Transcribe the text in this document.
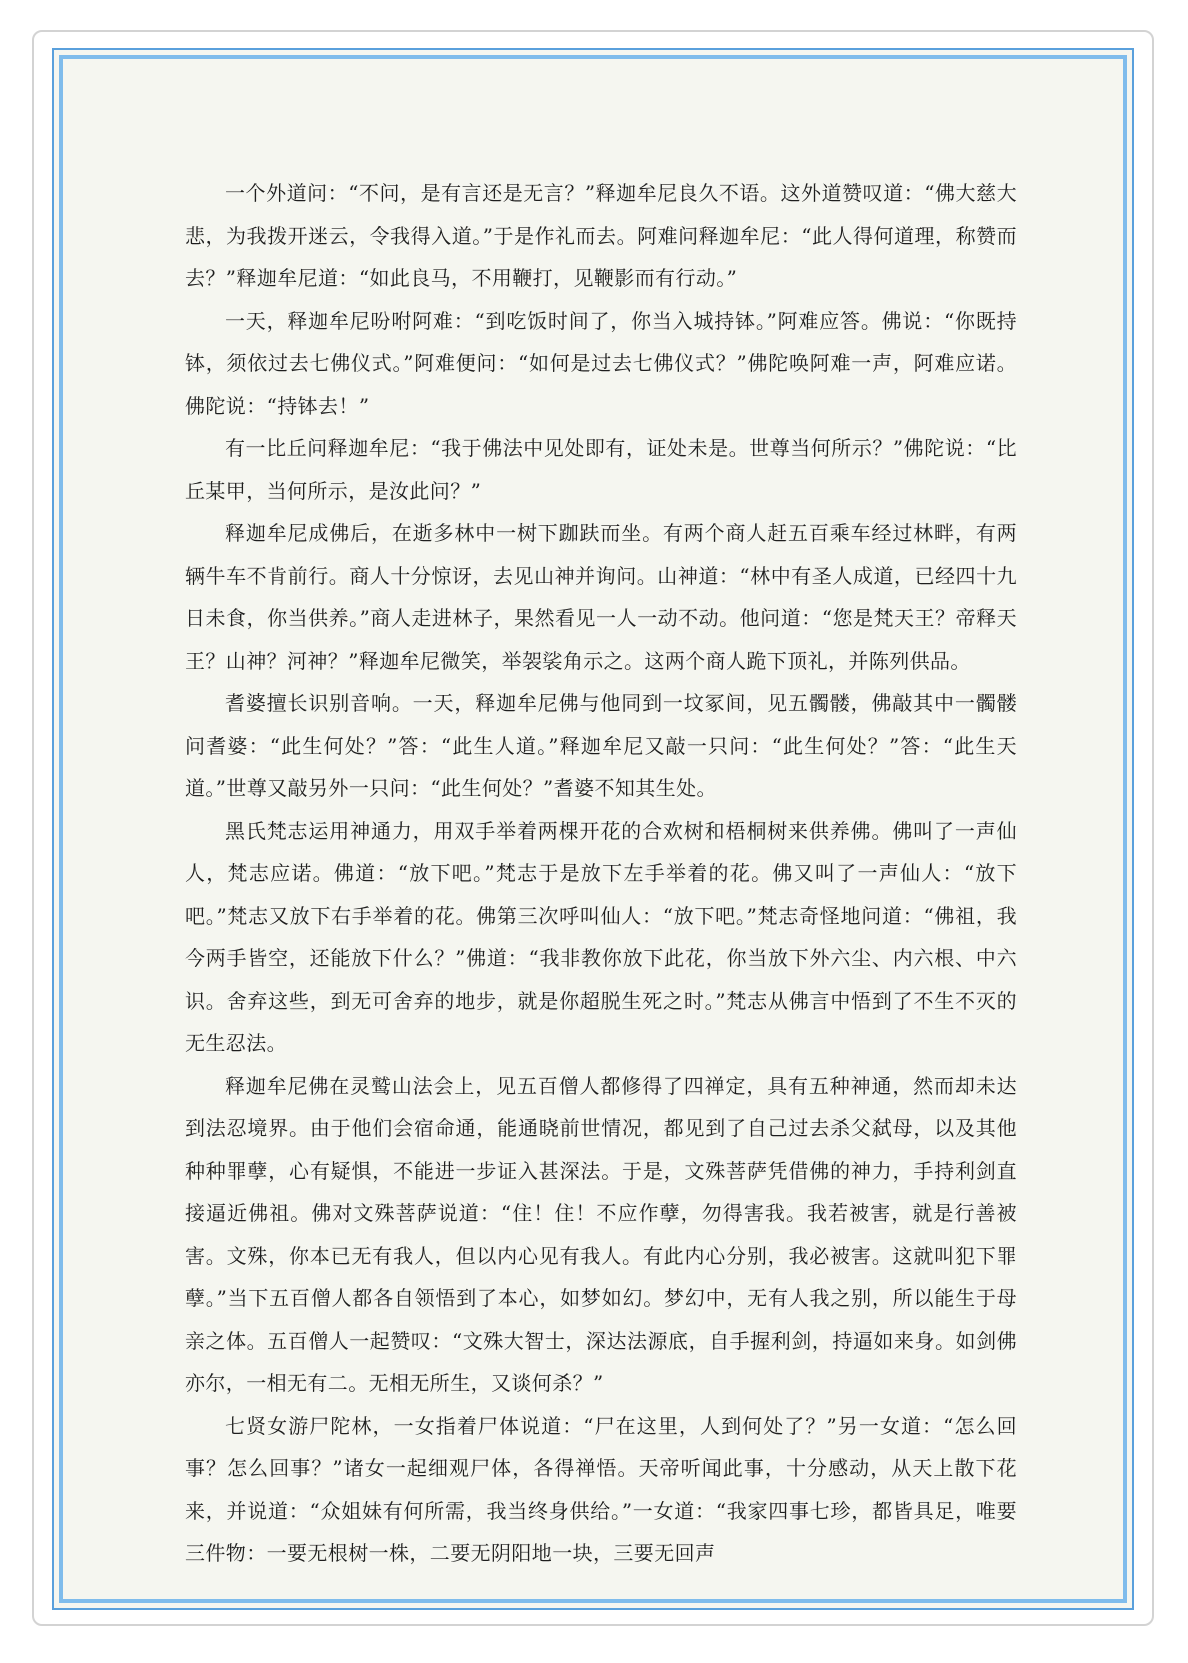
一个外道问：“不问，是有言还是无言？”释迦牟尼良久不语。这外道赞叹道：“佛大慈大悲，为我拨开迷云，令我得入道。”于是作礼而去。阿难问释迦牟尼：“此人得何道理，称赞而去？”释迦牟尼道：“如此良马，不用鞭打，见鞭影而有行动。”

一天，释迦牟尼吩咐阿难：“到吃饭时间了，你当入城持钵。”阿难应答。佛说：“你既持钵，须依过去七佛仪式。”阿难便问：“如何是过去七佛仪式？”佛陀唤阿难一声，阿难应诺。佛陀说：“持钵去！”

有一比丘问释迦牟尼：“我于佛法中见处即有，证处未是。世尊当何所示？”佛陀说：“比丘某甲，当何所示，是汝此问？”

释迦牟尼成佛后，在逝多林中一树下跏趺而坐。有两个商人赶五百乘车经过林畔，有两辆牛车不肯前行。商人十分惊讶，去见山神并询问。山神道：“林中有圣人成道，已经四十九日未食，你当供养。”商人走进林子，果然看见一人一动不动。他问道：“您是梵天王？帝释天王？山神？河神？”释迦牟尼微笑，举袈裟角示之。这两个商人跪下顶礼，并陈列供品。

耆婆擅长识别音响。一天，释迦牟尼佛与他同到一坟冢间，见五髑髅，佛敲其中一髑髅问耆婆：“此生何处？”答：“此生人道。”释迦牟尼又敲一只问：“此生何处？”答：“此生天道。”世尊又敲另外一只问：“此生何处？”耆婆不知其生处。

黑氏梵志运用神通力，用双手举着两棵开花的合欢树和梧桐树来供养佛。佛叫了一声仙人，梵志应诺。佛道：“放下吧。”梵志于是放下左手举着的花。佛又叫了一声仙人：“放下吧。”梵志又放下右手举着的花。佛第三次呼叫仙人：“放下吧。”梵志奇怪地问道：“佛祖，我今两手皆空，还能放下什么？”佛道：“我非教你放下此花，你当放下外六尘、内六根、中六识。舍弃这些，到无可舍弃的地步，就是你超脱生死之时。”梵志从佛言中悟到了不生不灭的无生忍法。

释迦牟尼佛在灵鹫山法会上，见五百僧人都修得了四禅定，具有五种神通，然而却未达到法忍境界。由于他们会宿命通，能通晓前世情况，都见到了自己过去杀父弑母，以及其他种种罪孽，心有疑惧，不能进一步证入甚深法。于是，文殊菩萨凭借佛的神力，手持利剑直接逼近佛祖。佛对文殊菩萨说道：“住！住！不应作孽，勿得害我。我若被害，就是行善被害。文殊，你本已无有我人，但以内心见有我人。有此内心分别，我必被害。这就叫犯下罪孽。”当下五百僧人都各自领悟到了本心，如梦如幻。梦幻中，无有人我之别，所以能生于母亲之体。五百僧人一起赞叹：“文殊大智士，深达法源底，自手握利剑，持逼如来身。如剑佛亦尔，一相无有二。无相无所生，又谈何杀？”

七贤女游尸陀林，一女指着尸体说道：“尸在这里，人到何处了？”另一女道：“怎么回事？怎么回事？”诸女一起细观尸体，各得禅悟。天帝听闻此事，十分感动，从天上散下花来，并说道：“众姐妹有何所需，我当终身供给。”一女道：“我家四事七珍，都皆具足，唯要三件物：一要无根树一株，二要无阴阳地一块，三要无回声
